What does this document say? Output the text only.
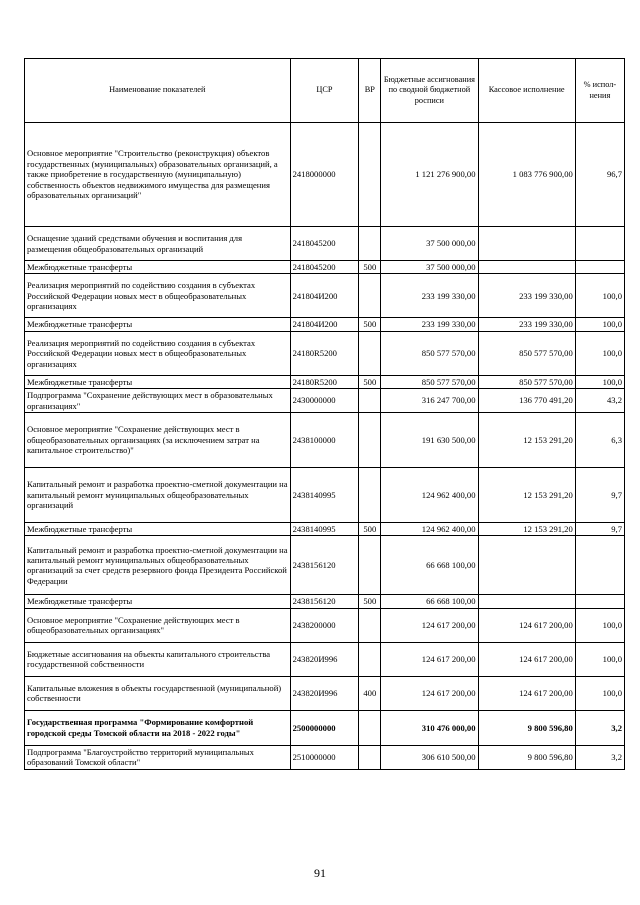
Наименование показателей	ЦСР	ВР	Бюджетные ассигнования по сводной бюджетной росписи	Кассовое исполнение	% испол- нения
Основное мероприятие "Строительство (реконструкция) объектов государственных (муниципальных) образовательных организаций, а также приобретение в государственную (муниципальную) собственность объектов недвижимого имущества для размещения образовательных организаций"	2418000000		1 121 276 900,00	1 083 776 900,00	96,7
Оснащение зданий средствами обучения и воспитания для размещения общеобразовательных организаций	2418045200		37 500 000,00		
Межбюджетные трансферты	2418045200	500	37 500 000,00		
Реализация мероприятий по содействию создания в субъектах Российской Федерации новых мест в общеобразовательных организациях	241804И200		233 199 330,00	233 199 330,00	100,0
Межбюджетные трансферты	241804И200	500	233 199 330,00	233 199 330,00	100,0
Реализация мероприятий по содействию создания в субъектах Российской Федерации новых мест в общеобразовательных организациях	24180R5200		850 577 570,00	850 577 570,00	100,0
Межбюджетные трансферты	24180R5200	500	850 577 570,00	850 577 570,00	100,0
Подпрограмма "Сохранение действующих мест в образовательных организациях"	2430000000		316 247 700,00	136 770 491,20	43,2
Основное мероприятие "Сохранение действующих мест в общеобразовательных организациях (за исключением затрат на капитальное строительство)"	2438100000		191 630 500,00	12 153 291,20	6,3
Капитальный ремонт и разработка проектно-сметной документации на капитальный ремонт муниципальных общеобразовательных организаций	2438140995		124 962 400,00	12 153 291,20	9,7
Межбюджетные трансферты	2438140995	500	124 962 400,00	12 153 291,20	9,7
Капитальный ремонт и разработка проектно-сметной документации на капитальный ремонт муниципальных общеобразовательных организаций за счет средств резервного фонда Президента Российской Федерации	2438156120		66 668 100,00		
Межбюджетные трансферты	2438156120	500	66 668 100,00		
Основное мероприятие "Сохранение действующих мест в общеобразовательных организациях"	2438200000		124 617 200,00	124 617 200,00	100,0
Бюджетные ассигнования на объекты капитального строительства государственной собственности	243820И996		124 617 200,00	124 617 200,00	100,0
Капитальные вложения в объекты государственной (муниципальной) собственности	243820И996	400	124 617 200,00	124 617 200,00	100,0
Государственная программа "Формирование комфортной городской среды Томской области на 2018 - 2022 годы"	2500000000		310 476 000,00	9 800 596,80	3,2
Подпрограмма "Благоустройство территорий муниципальных образований Томской области"	2510000000		306 610 500,00	9 800 596,80	3,2
91
